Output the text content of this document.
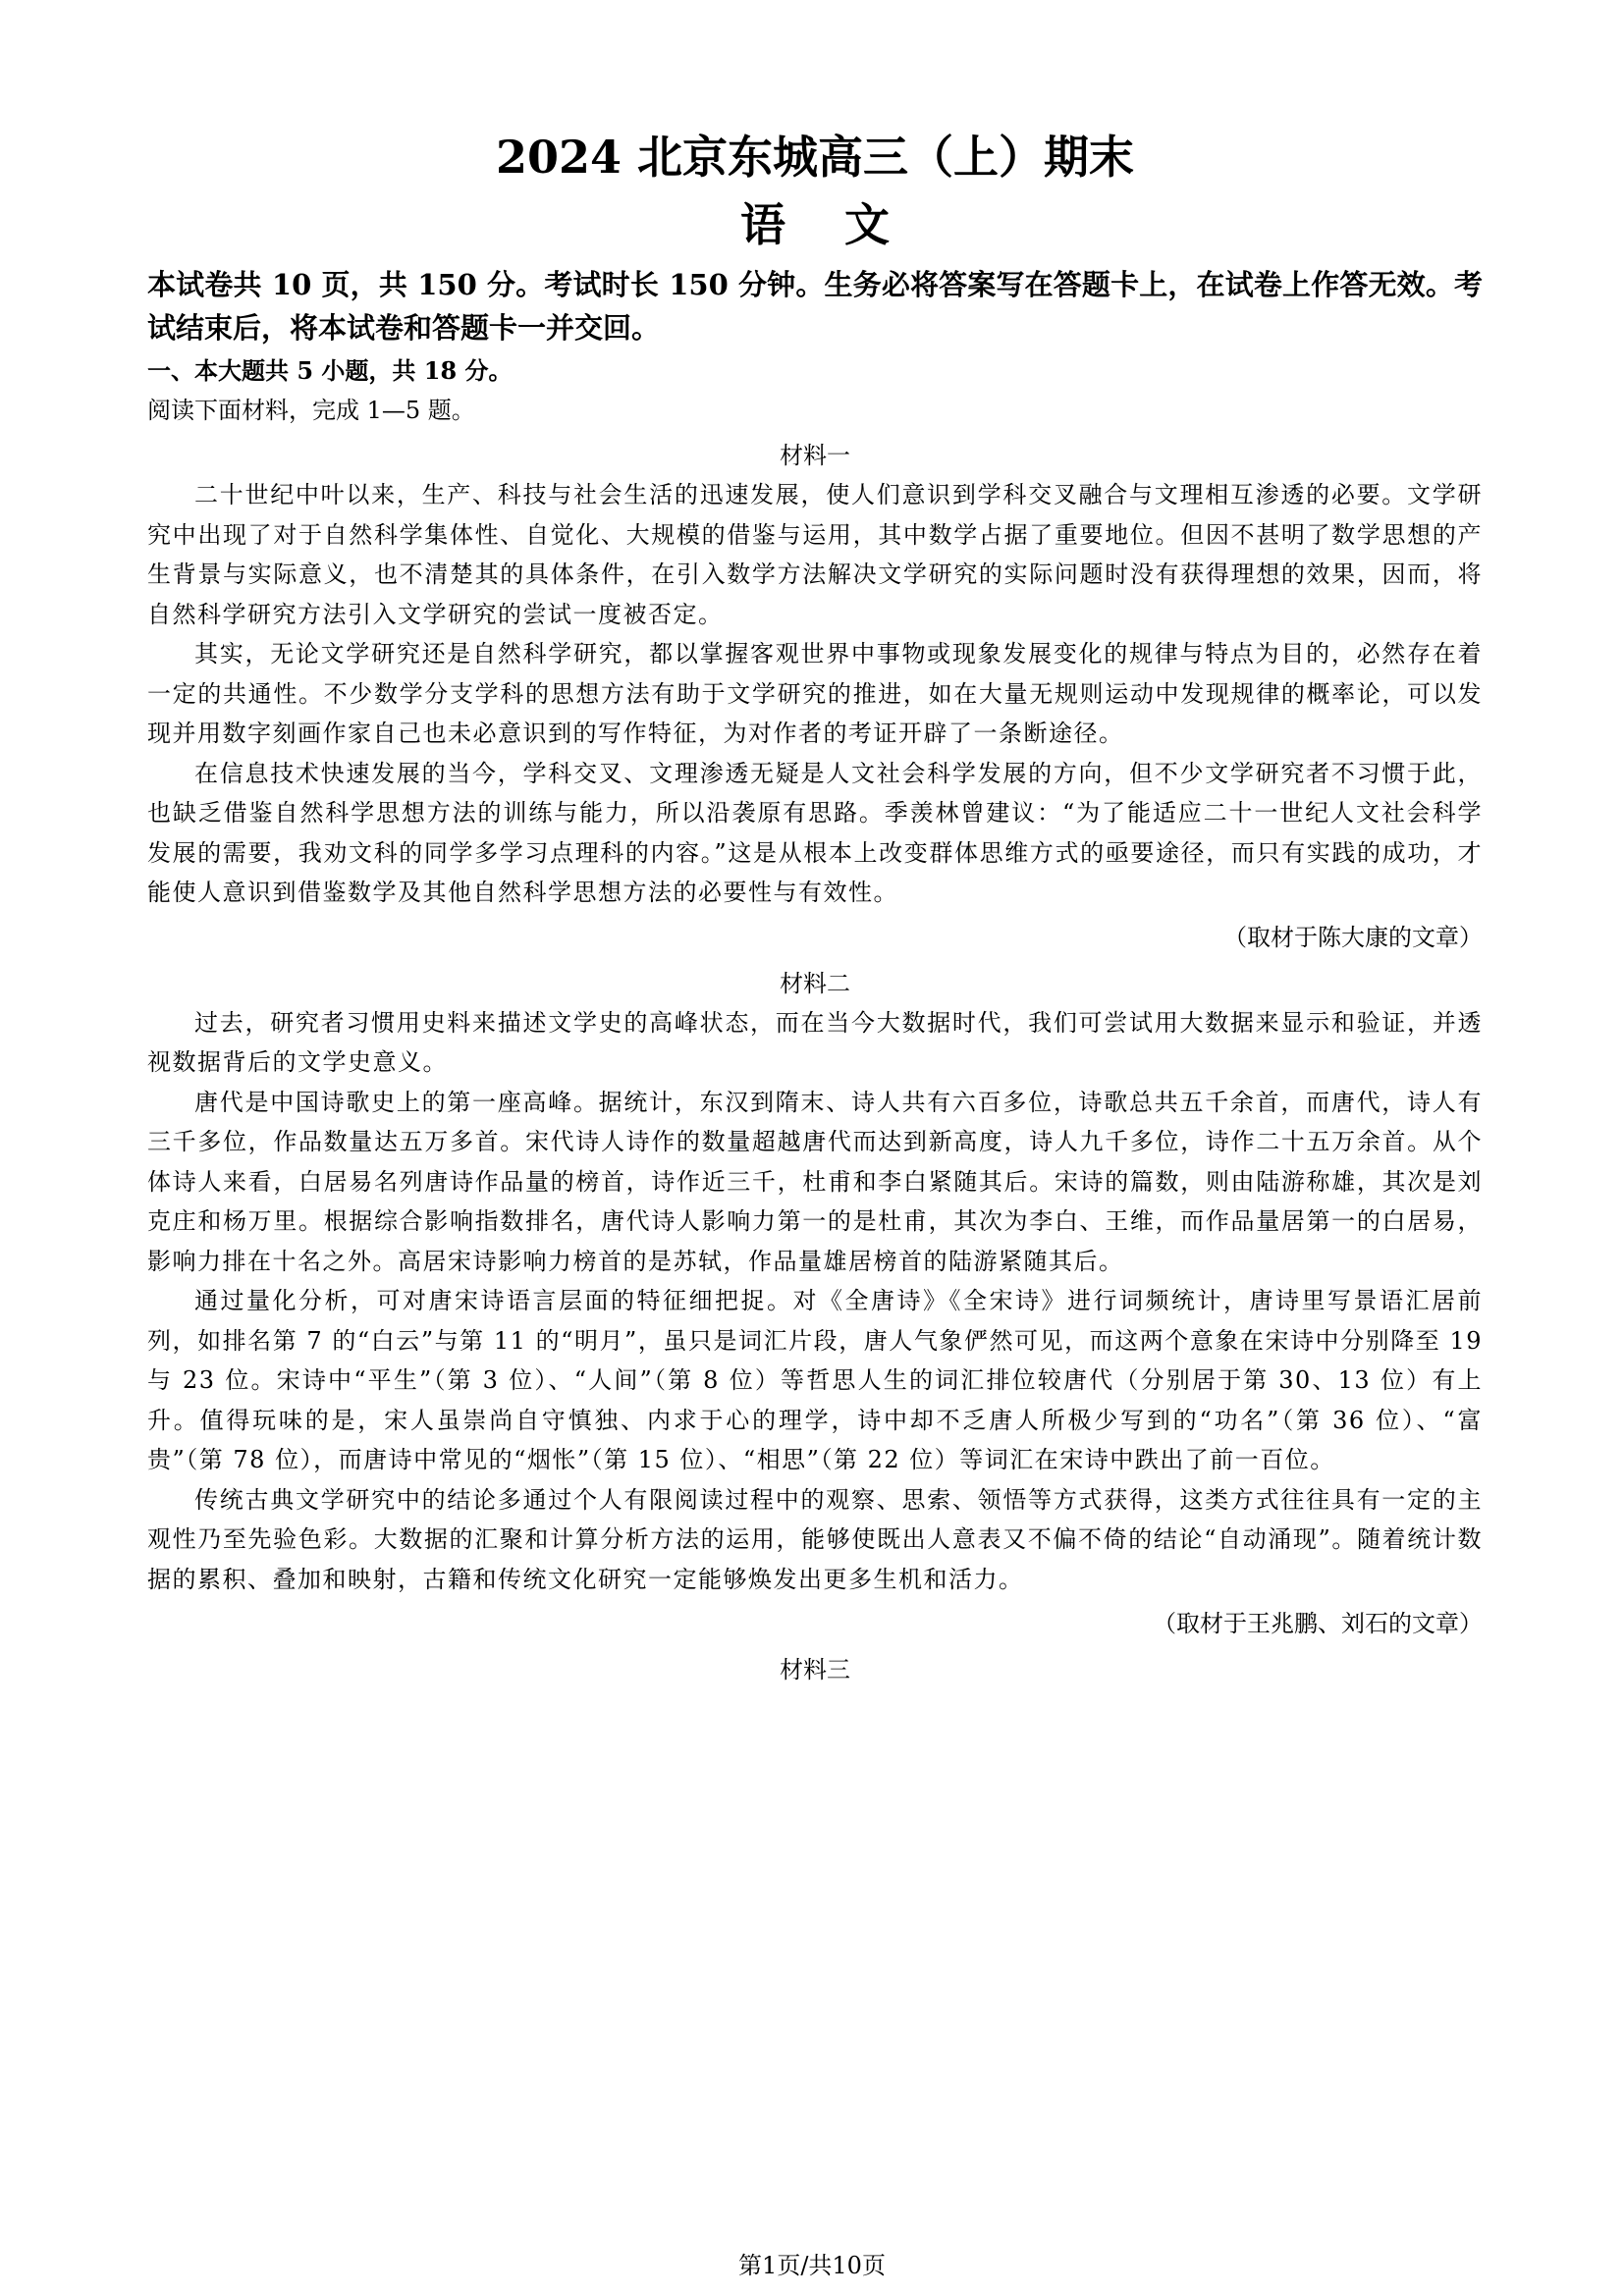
2024 北京东城高三（上）期末
语文

本试卷共 10 页，共 150 分。考试时长 150 分钟。生务必将答案写在答题卡上，在试卷上作答无效。考试结束后，将本试卷和答题卡一并交回。

一、本大题共 5 小题，共 18 分。

阅读下面材料，完成 1—5 题。

材料一

二十世纪中叶以来，生产、科技与社会生活的迅速发展，使人们意识到学科交叉融合与文理相互渗透的必要。文学研究中出现了对于自然科学集体性、自觉化、大规模的借鉴与运用，其中数学占据了重要地位。但因不甚明了数学思想的产生背景与实际意义，也不清楚其的具体条件，在引入数学方法解决文学研究的实际问题时没有获得理想的效果，因而，将自然科学研究方法引入文学研究的尝试一度被否定。

其实，无论文学研究还是自然科学研究，都以掌握客观世界中事物或现象发展变化的规律与特点为目的，必然存在着一定的共通性。不少数学分支学科的思想方法有助于文学研究的推进，如在大量无规则运动中发现规律的概率论，可以发现并用数字刻画作家自己也未必意识到的写作特征，为对作者的考证开辟了一条断途径。

在信息技术快速发展的当今，学科交叉、文理渗透无疑是人文社会科学发展的方向，但不少文学研究者不习惯于此，也缺乏借鉴自然科学思想方法的训练与能力，所以沿袭原有思路。季羡林曾建议：“为了能适应二十一世纪人文社会科学发展的需要，我劝文科的同学多学习点理科的内容。”这是从根本上改变群体思维方式的亟要途径，而只有实践的成功，才能使人意识到借鉴数学及其他自然科学思想方法的必要性与有效性。

（取材于陈大康的文章）

材料二

过去，研究者习惯用史料来描述文学史的高峰状态，而在当今大数据时代，我们可尝试用大数据来显示和验证，并透视数据背后的文学史意义。

唐代是中国诗歌史上的第一座高峰。据统计，东汉到隋末、诗人共有六百多位，诗歌总共五千余首，而唐代，诗人有三千多位，作品数量达五万多首。宋代诗人诗作的数量超越唐代而达到新高度，诗人九千多位，诗作二十五万余首。从个体诗人来看，白居易名列唐诗作品量的榜首，诗作近三千，杜甫和李白紧随其后。宋诗的篇数，则由陆游称雄，其次是刘克庄和杨万里。根据综合影响指数排名，唐代诗人影响力第一的是杜甫，其次为李白、王维，而作品量居第一的白居易，影响力排在十名之外。高居宋诗影响力榜首的是苏轼，作品量雄居榜首的陆游紧随其后。

通过量化分析，可对唐宋诗语言层面的特征细把捉。对《全唐诗》《全宋诗》进行词频统计，唐诗里写景语汇居前列，如排名第 7 的“白云”与第 11 的“明月”，虽只是词汇片段，唐人气象俨然可见，而这两个意象在宋诗中分别降至 19 与 23 位。宋诗中“平生”（第 3 位）、“人间”（第 8 位）等哲思人生的词汇排位较唐代（分别居于第 30、13 位）有上升。值得玩味的是，宋人虽崇尚自守慎独、内求于心的理学，诗中却不乏唐人所极少写到的“功名”（第 36 位）、“富贵”（第 78 位），而唐诗中常见的“烟怅”（第 15 位）、“相思”（第 22 位）等词汇在宋诗中跌出了前一百位。

传统古典文学研究中的结论多通过个人有限阅读过程中的观察、思索、领悟等方式获得，这类方式往往具有一定的主观性乃至先验色彩。大数据的汇聚和计算分析方法的运用，能够使既出人意表又不偏不倚的结论“自动涌现”。随着统计数据的累积、叠加和映射，古籍和传统文化研究一定能够焕发出更多生机和活力。

（取材于王兆鹏、刘石的文章）

材料三

第1页/共10页
